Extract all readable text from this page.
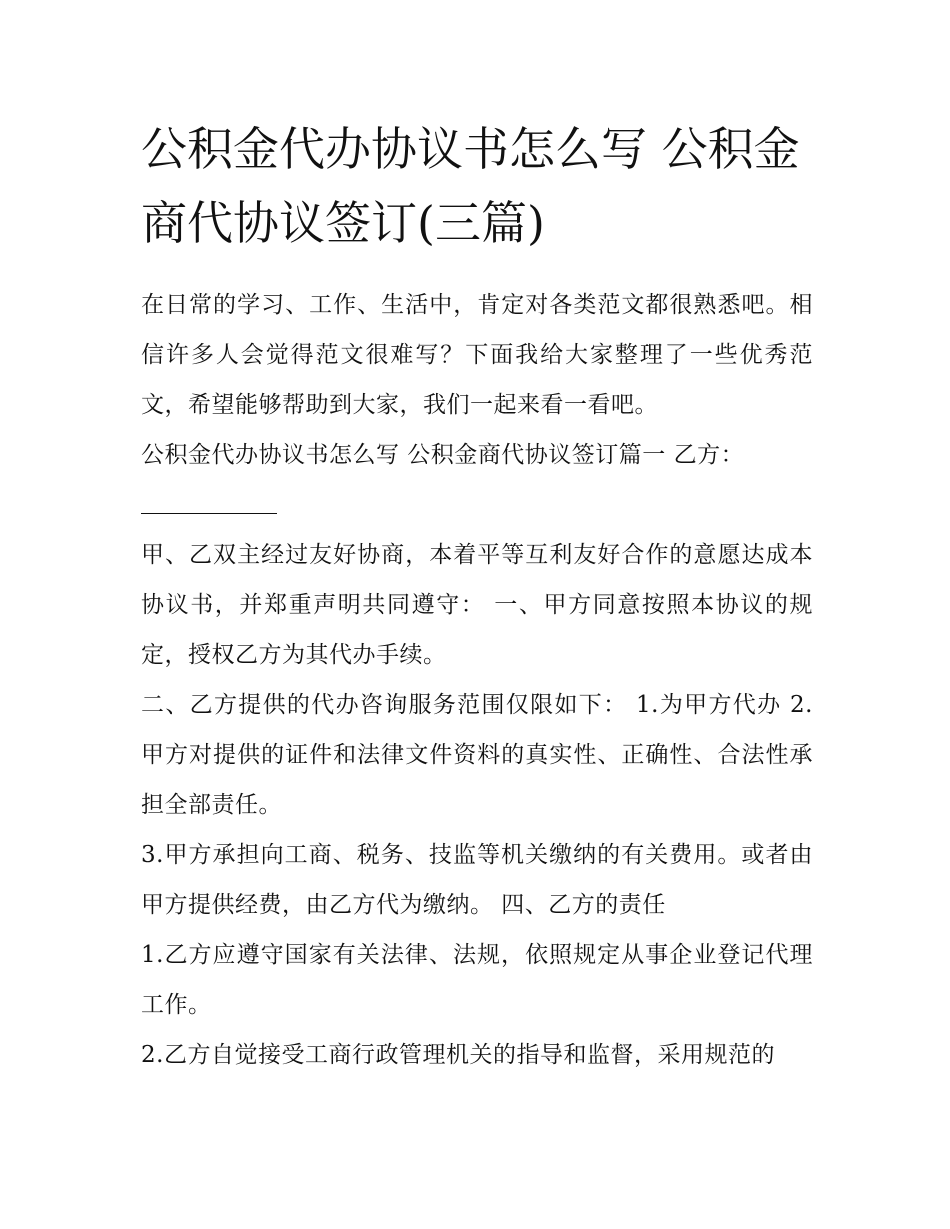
公积金代办协议书怎么写 公积金商代协议签订(三篇)

在日常的学习、工作、生活中，肯定对各类范文都很熟悉吧。相信许多人会觉得范文很难写？下面我给大家整理了一些优秀范文，希望能够帮助到大家，我们一起来看一看吧。

公积金代办协议书怎么写 公积金商代协议签订篇一 乙方：

甲、乙双主经过友好协商，本着平等互利友好合作的意愿达成本协议书，并郑重声明共同遵守： 一、甲方同意按照本协议的规定，授权乙方为其代办手续。

二、乙方提供的代办咨询服务范围仅限如下： 1.为甲方代办 2.甲方对提供的证件和法律文件资料的真实性、正确性、合法性承担全部责任。

3.甲方承担向工商、税务、技监等机关缴纳的有关费用。或者由甲方提供经费，由乙方代为缴纳。 四、乙方的责任

1.乙方应遵守国家有关法律、法规，依照规定从事企业登记代理工作。

2.乙方自觉接受工商行政管理机关的指导和监督，采用规范的
